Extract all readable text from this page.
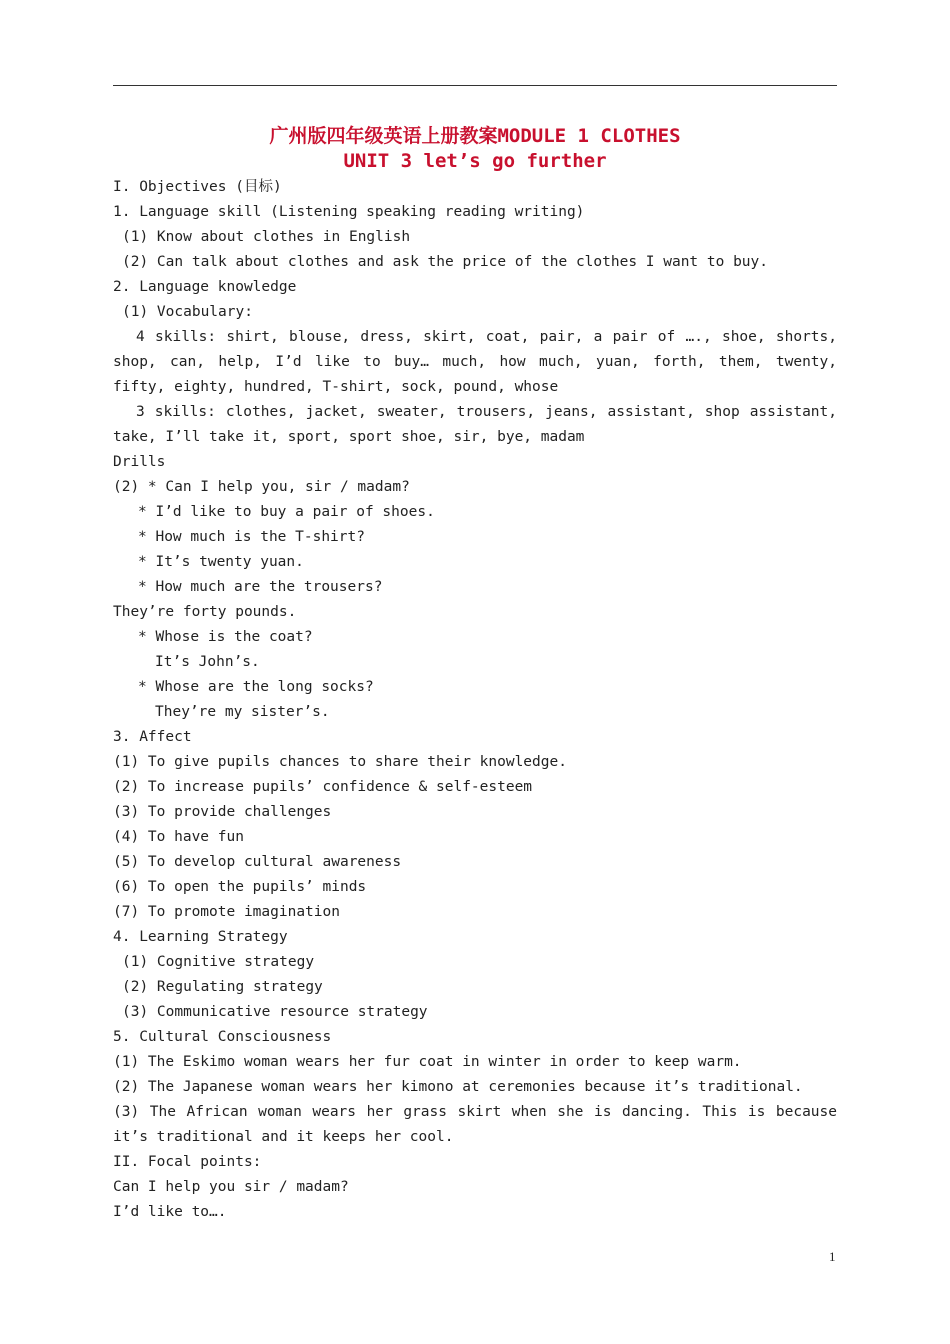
广州版四年级英语上册教案MODULE 1 CLOTHES
UNIT 3 let’s go further
I. Objectives (目标)
1. Language skill (Listening speaking reading writing)
(1) Know about clothes in English
(2) Can talk about clothes and ask the price of the clothes I want to buy.
2. Language knowledge
(1) Vocabulary:
4 skills: shirt, blouse, dress, skirt, coat, pair, a pair of …., shoe, shorts,
shop, can, help, I’d like to buy… much, how much, yuan, forth, them, twenty,
fifty, eighty, hundred, T-shirt, sock, pound, whose
3 skills: clothes, jacket, sweater, trousers, jeans, assistant, shop assistant,
take, I’ll take it, sport, sport shoe, sir, bye, madam
Drills
(2) * Can I help you, sir / madam?
* I’d like to buy a pair of shoes.
* How much is the T-shirt?
* It’s twenty yuan.
* How much are the trousers?
They’re forty pounds.
* Whose is the coat?
It’s John’s.
* Whose are the long socks?
They’re my sister’s.
3. Affect
(1) To give pupils chances to share their knowledge.
(2) To increase pupils’ confidence & self-esteem
(3) To provide challenges
(4) To have fun
(5) To develop cultural awareness
(6) To open the pupils’ minds
(7) To promote imagination
4. Learning Strategy
(1) Cognitive strategy
(2) Regulating strategy
(3) Communicative resource strategy
5. Cultural Consciousness
(1) The Eskimo woman wears her fur coat in winter in order to keep warm.
(2) The Japanese woman wears her kimono at ceremonies because it’s traditional.
(3) The African woman wears her grass skirt when she is dancing. This is because
it’s traditional and it keeps her cool.
II. Focal points:
Can I help you sir / madam?
I’d like to….
1
